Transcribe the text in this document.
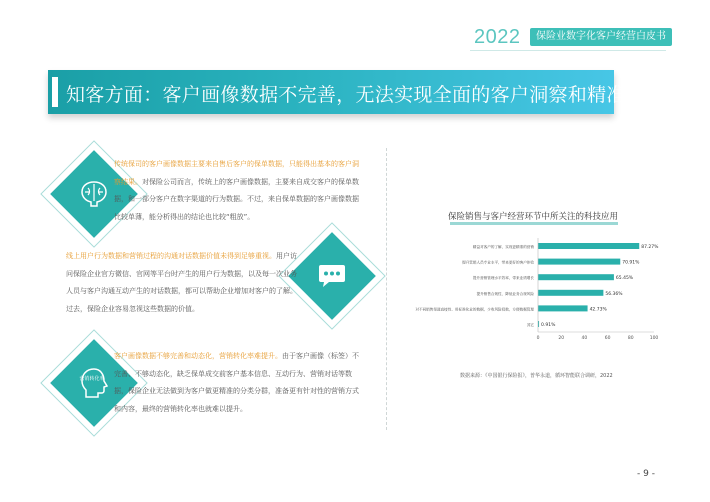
2022	保险业数字化客户经营白皮书
知客方面：客户画像数据不完善，无法实现全面的客户洞察和精准营销
传统保司的客户画像数据主要来自售后客户的保单数据，只能得出基本的客户洞察结果。对保险公司而言，传统上的客户画像数据，主要来自成交客户的保单数据，和一部分客户在数字渠道的行为数据。不过，来自保单数据的客户画像数据比较单薄，能分析得出的结论也比较“粗放”。
线上用户行为数据和营销过程的沟通对话数据价值未得到足够重视。用户访问保险企业官方微信、官网等平台时产生的用户行为数据，以及每一次业务人员与客户沟通互动产生的对话数据，都可以帮助企业增加对客户的了解。过去，保险企业容易忽视这些数据的价值。
营销转化率
客户画像数据不够完善和动态化，营销转化率难提升。由于客户画像（标签）不完善、不够动态化，缺乏保单成交前客户基本信息、互动行为、营销对话等数据，保险企业无法做到为客户做更精准的分类分群，准备更有针对性的营销方式和内容，最终的营销转化率也就难以提升。
保险销售与客户经营环节中所关注的科技应用
精益对客户的了解，实现更精准的营销	87.27%
提升营销人员专业水平，带来更好的客户体验	70.91%
提升营销管理水平效率，带来业绩增长	65.45%
提升销售合规性、降低业务合规风险	56.36%
对不同销售渠道直接性、用标准化业的数据，少收风险投数，方便数据管理	42.73%
其它 0.91%
0	20	40	60	80	100
数据来源：《中国银行保险报》，普华永道，循环智能联合调研，2022
- 9 -
